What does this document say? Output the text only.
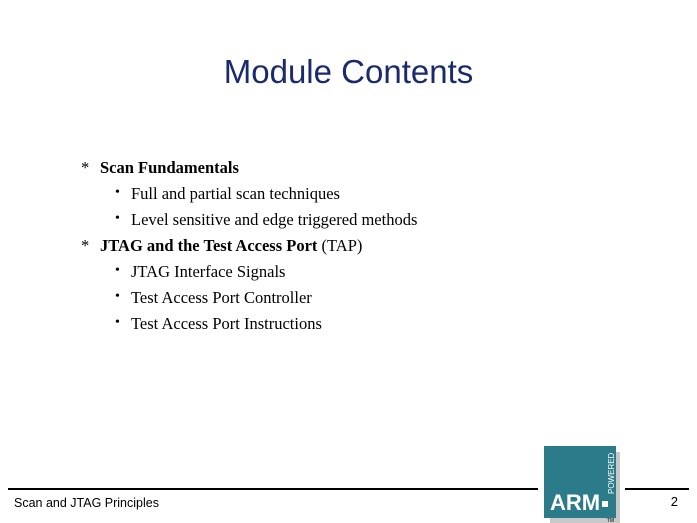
Module Contents
* Scan Fundamentals
• Full and partial scan techniques
• Level sensitive and edge triggered methods
* JTAG and the Test Access Port (TAP)
• JTAG Interface Signals
• Test Access Port Controller
• Test Access Port Instructions
Scan and JTAG Principles	2
ARM
POWERED
TM
